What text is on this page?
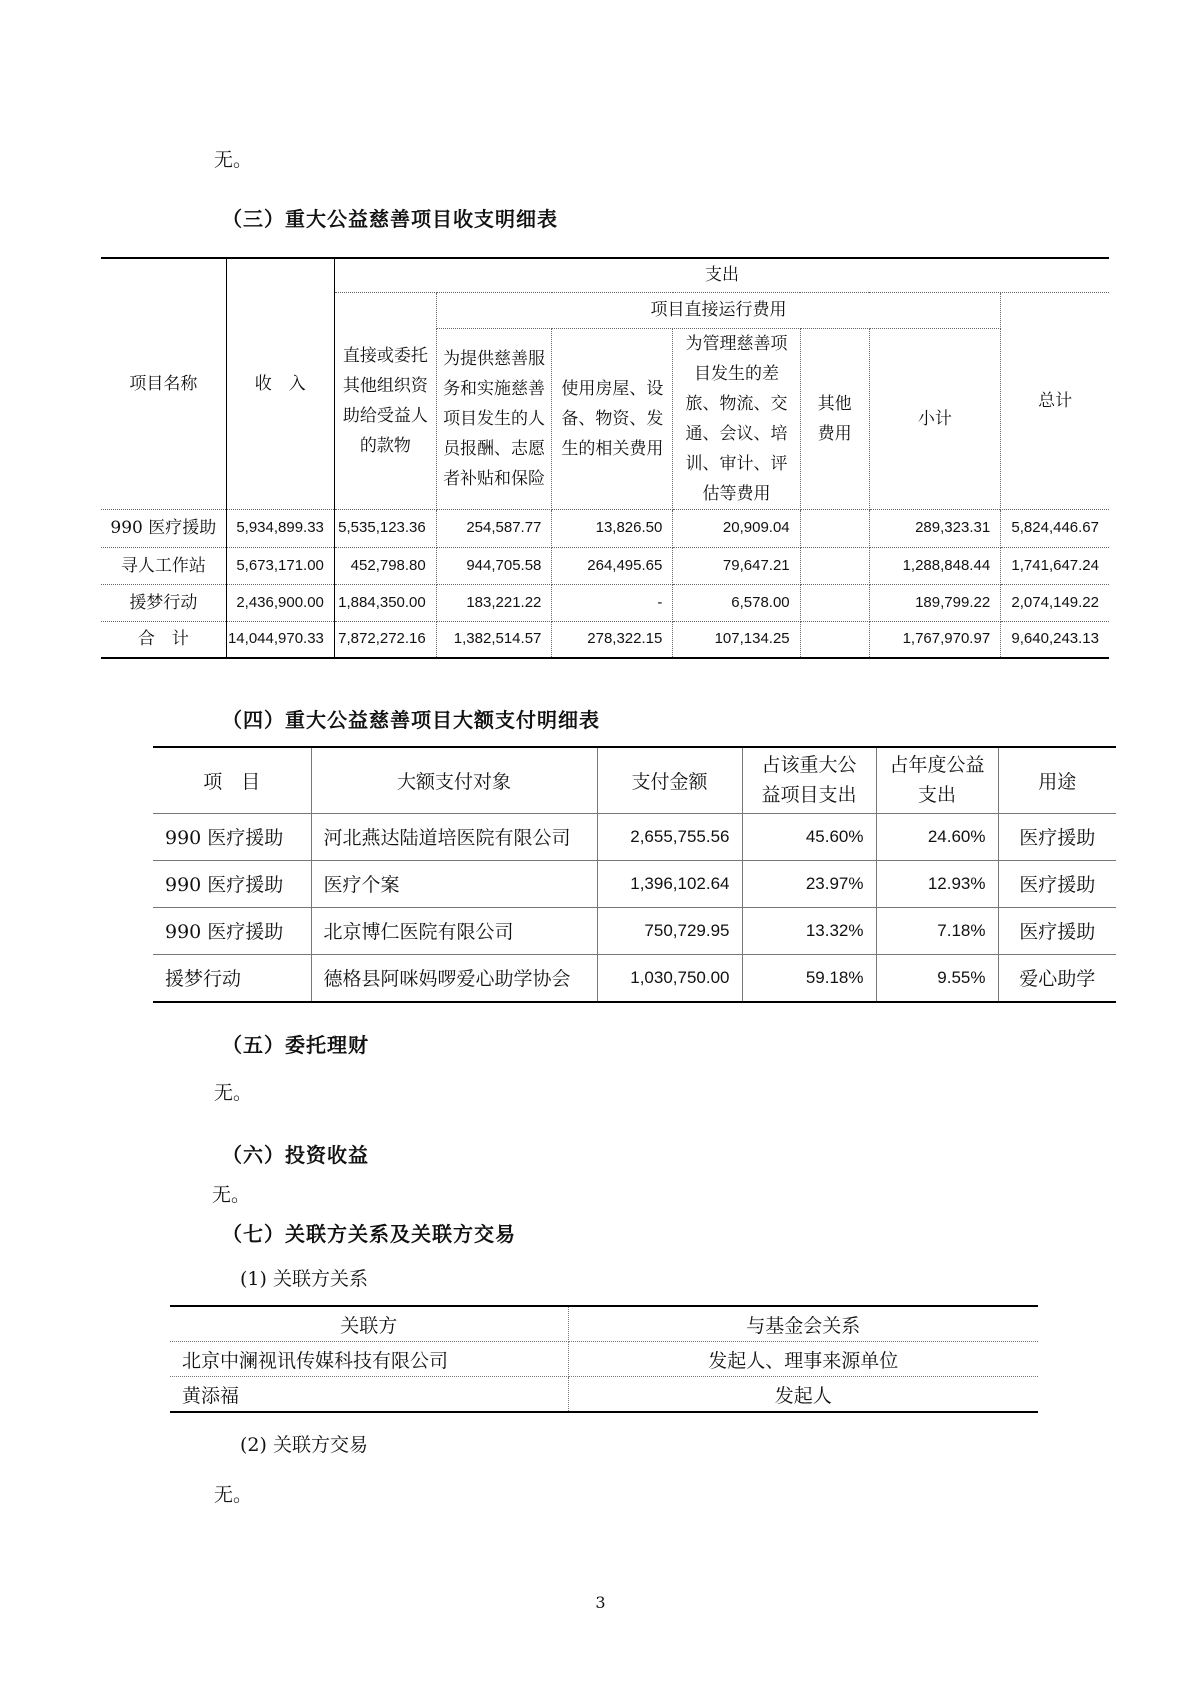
无。
（三）重大公益慈善项目收支明细表
项目名称	收　入	支出						

		直接或委托其他组织资助给受益人的款物	项目直接运行费用					总计

			为提供慈善服务和实施慈善项目发生的人员报酬、志愿者补贴和保险	使用房屋、设备、物资、发生的相关费用	为管理慈善项目发生的差旅、物流、交通、会议、培训、审计、评估等费用	其他费用	小计	
990 医疗援助	5,934,899.33	5,535,123.36	254,587.77	13,826.50	20,909.04		289,323.31	5,824,446.67
寻人工作站	5,673,171.00	452,798.80	944,705.58	264,495.65	79,647.21		1,288,848.44	1,741,647.24
援梦行动	2,436,900.00	1,884,350.00	183,221.22	-	6,578.00		189,799.22	2,074,149.22
合　计	14,044,970.33	7,872,272.16	1,382,514.57	278,322.15	107,134.25		1,767,970.97	9,640,243.13
（四）重大公益慈善项目大额支付明细表
项　目	大额支付对象	支付金额	占该重大公益项目支出	占年度公益支出	用途
990 医疗援助	河北燕达陆道培医院有限公司	2,655,755.56	45.60%	24.60%	医疗援助
990 医疗援助	医疗个案	1,396,102.64	23.97%	12.93%	医疗援助
990 医疗援助	北京博仁医院有限公司	750,729.95	13.32%	7.18%	医疗援助
援梦行动	德格县阿咪妈啰爱心助学协会	1,030,750.00	59.18%	9.55%	爱心助学
（五）委托理财
无。
（六）投资收益
无。
（七）关联方关系及关联方交易
(1) 关联方关系
关联方	与基金会关系
北京中澜视讯传媒科技有限公司	发起人、理事来源单位
黄添福	发起人
(2) 关联方交易
无。
3
